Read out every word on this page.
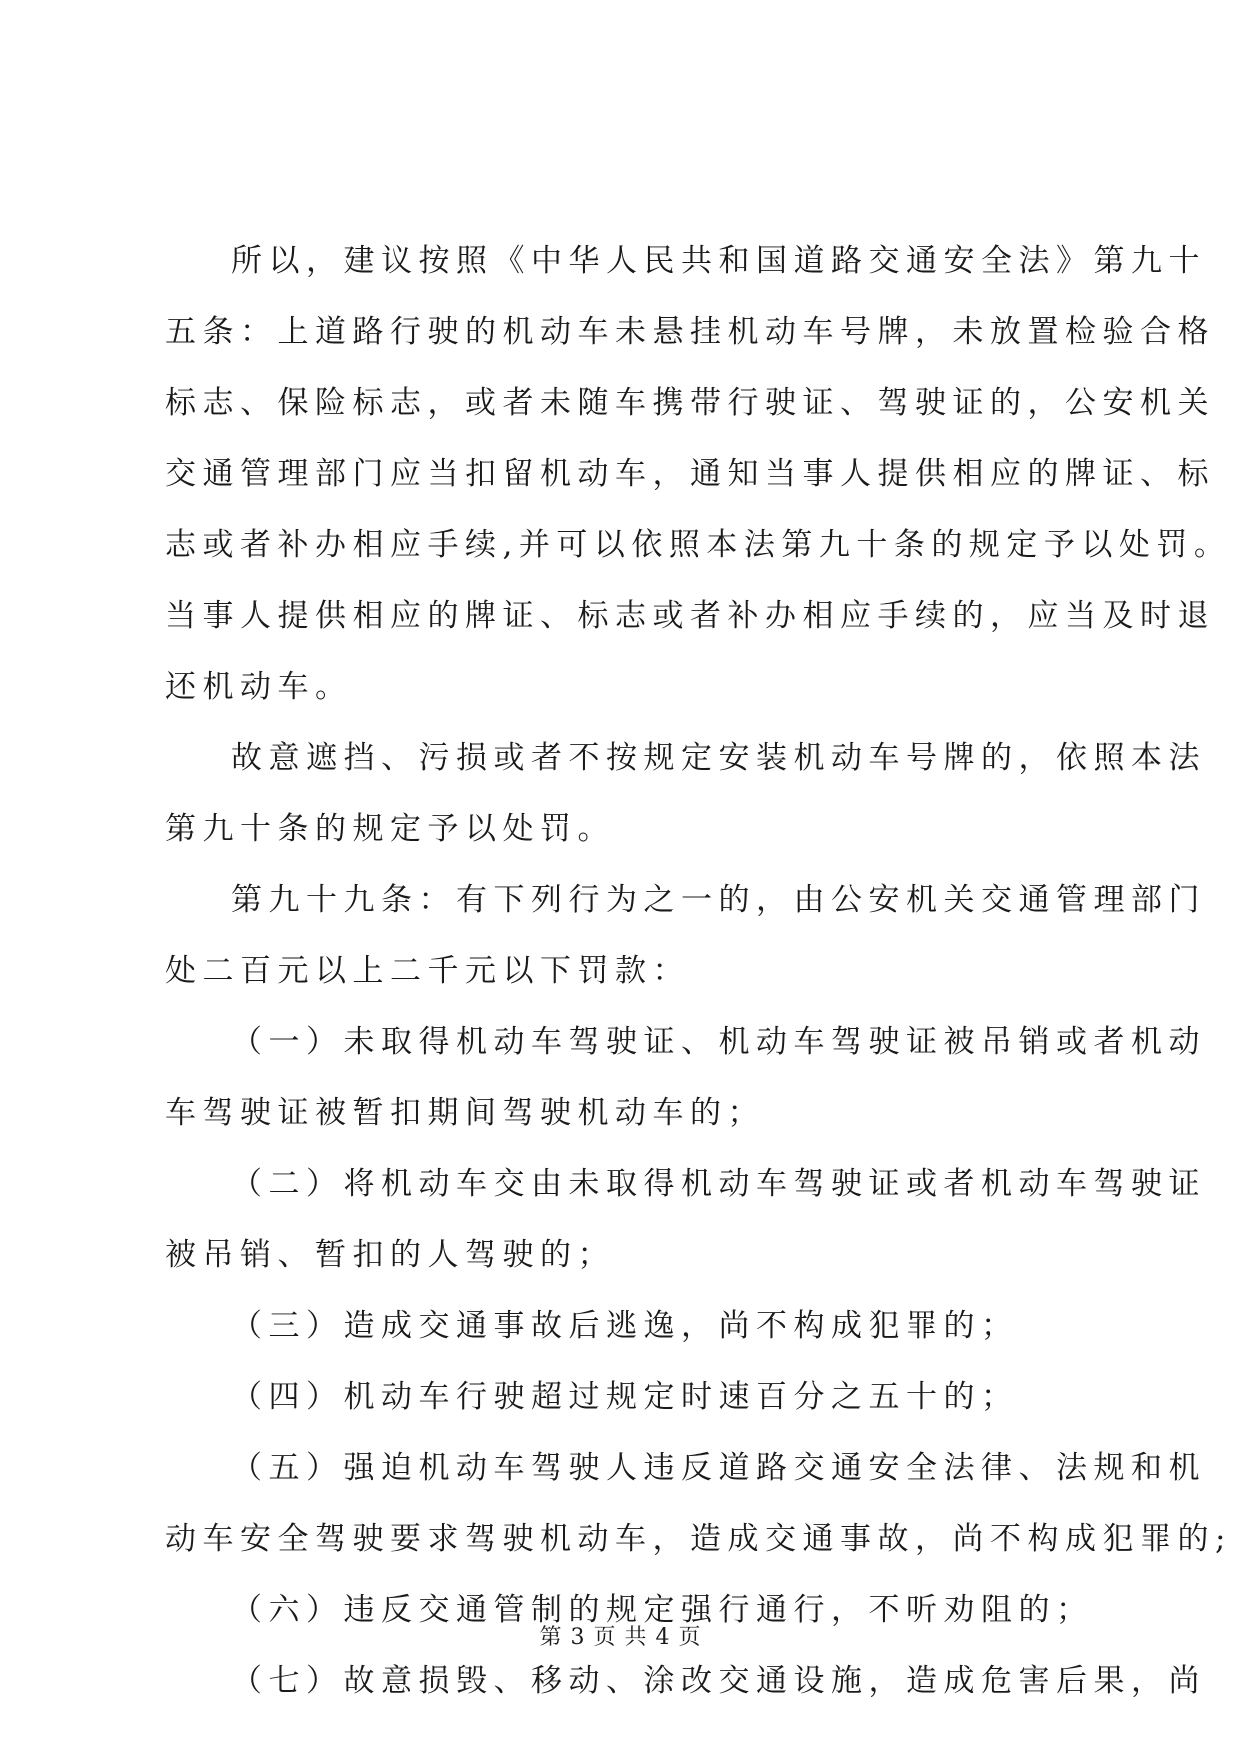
所以，建议按照《中华人民共和国道路交通安全法》第九十
五条：上道路行驶的机动车未悬挂机动车号牌，未放置检验合格
标志、保险标志，或者未随车携带行驶证、驾驶证的，公安机关
交通管理部门应当扣留机动车，通知当事人提供相应的牌证、标
志或者补办相应手续,并可以依照本法第九十条的规定予以处罚。
当事人提供相应的牌证、标志或者补办相应手续的，应当及时退
还机动车。
故意遮挡、污损或者不按规定安装机动车号牌的，依照本法
第九十条的规定予以处罚。
第九十九条：有下列行为之一的，由公安机关交通管理部门
处二百元以上二千元以下罚款：
（一）未取得机动车驾驶证、机动车驾驶证被吊销或者机动
车驾驶证被暂扣期间驾驶机动车的；
（二）将机动车交由未取得机动车驾驶证或者机动车驾驶证
被吊销、暂扣的人驾驶的；
（三）造成交通事故后逃逸，尚不构成犯罪的；
（四）机动车行驶超过规定时速百分之五十的；
（五）强迫机动车驾驶人违反道路交通安全法律、法规和机
动车安全驾驶要求驾驶机动车，造成交通事故，尚不构成犯罪的;
（六）违反交通管制的规定强行通行，不听劝阻的；
（七）故意损毁、移动、涂改交通设施，造成危害后果，尚
第 3 页 共 4 页
